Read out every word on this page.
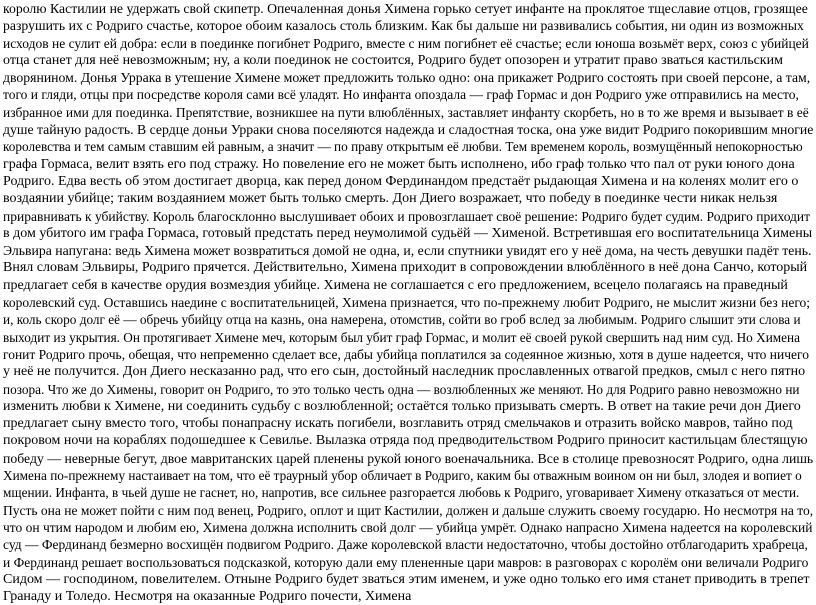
королю Кастилии не удержать свой скипетр. Опечаленная донья Химена горько сетует инфанте на проклятое тщеславие отцов, грозящее
разрушить их с Родриго счастье, которое обоим казалось столь близким. Как бы дальше ни развивались события, ни один из возможных
исходов не сулит ей добра: если в поединке погибнет Родриго, вместе с ним погибнет её счастье; если юноша возьмёт верх, союз с убийцей
отца станет для неё невозможным; ну, а коли поединок не состоится, Родриго будет опозорен и утратит право зваться кастильским
дворянином. Донья Уррака в утешение Химене может предложить только одно: она прикажет Родриго состоять при своей персоне, а там,
того и гляди, отцы при посредстве короля сами всё уладят. Но инфанта опоздала — граф Гормас и дон Родриго уже отправились на место,
избранное ими для поединка. Препятствие, возникшее на пути влюблённых, заставляет инфанту скорбеть, но в то же время и вызывает в её
душе тайную радость. В сердце доньи Урраки снова поселяются надежда и сладостная тоска, она уже видит Родриго покорившим многие
королевства и тем самым ставшим ей равным, а значит — по праву открытым её любви. Тем временем король, возмущённый непокорностью
графа Гормаса, велит взять его под стражу. Но повеление его не может быть исполнено, ибо граф только что пал от руки юного дона
Родриго. Едва весть об этом достигает дворца, как перед доном Фердинандом предстаёт рыдающая Химена и на коленях молит его о
воздаянии убийце; таким воздаянием может быть только смерть. Дон Диего возражает, что победу в поединке чести никак нельзя
приравнивать к убийству. Король благосклонно выслушивает обоих и провозглашает своё решение: Родриго будет судим. Родриго приходит
в дом убитого им графа Гормаса, готовый предстать перед неумолимой судьёй — Хименой. Встретившая его воспитательница Химены
Эльвира напугана: ведь Химена может возвратиться домой не одна, и, если спутники увидят его у неё дома, на честь девушки падёт тень.
Внял словам Эльвиры, Родриго прячется. Действительно, Химена приходит в сопровождении влюблённого в неё дона Санчо, который
предлагает себя в качестве орудия возмездия убийце. Химена не соглашается с его предложением, всецело полагаясь на праведный
королевский суд. Оставшись наедине с воспитательницей, Химена признается, что по-прежнему любит Родриго, не мыслит жизни без него;
и, коль скоро долг её — обречь убийцу отца на казнь, она намерена, отомстив, сойти во гроб вслед за любимым. Родриго слышит эти слова и
выходит из укрытия. Он протягивает Химене меч, которым был убит граф Гормас, и молит её своей рукой свершить над ним суд. Но Химена
гонит Родриго прочь, обещая, что непременно сделает все, дабы убийца поплатился за содеянное жизнью, хотя в душе надеется, что ничего
у неё не получится. Дон Диего несказанно рад, что его сын, достойный наследник прославленных отвагой предков, смыл с него пятно
позора. Что же до Химены, говорит он Родриго, то это только честь одна — возлюбленных же меняют. Но для Родриго равно невозможно ни
изменить любви к Химене, ни соединить судьбу с возлюбленной; остаётся только призывать смерть. В ответ на такие речи дон Диего
предлагает сыну вместо того, чтобы понапрасну искать погибели, возглавить отряд смельчаков и отразить войско мавров, тайно под
покровом ночи на кораблях подошедшее к Севилье. Вылазка отряда под предводительством Родриго приносит кастильцам блестящую
победу — неверные бегут, двое мавританских царей пленены рукой юного военачальника. Все в столице превозносят Родриго, одна лишь
Химена по-прежнему настаивает на том, что её траурный убор обличает в Родриго, каким бы отважным воином он ни был, злодея и вопиет о
мщении. Инфанта, в чьей душе не гаснет, но, напротив, все сильнее разгорается любовь к Родриго, уговаривает Химену отказаться от мести.
Пусть она не может пойти с ним под венец, Родриго, оплот и щит Кастилии, должен и дальше служить своему государю. Но несмотря на то,
что он чтим народом и любим ею, Химена должна исполнить свой долг — убийца умрёт. Однако напрасно Химена надеется на королевский
суд — Фердинанд безмерно восхищён подвигом Родриго. Даже королевской власти недостаточно, чтобы достойно отблагодарить храбреца,
и Фердинанд решает воспользоваться подсказкой, которую дали ему плененные цари мавров: в разговорах с королём они величали Родриго
Сидом — господином, повелителем. Отныне Родриго будет зваться этим именем, и уже одно только его имя станет приводить в трепет
Гранаду и Толедо. Несмотря на оказанные Родриго почести, Химена
